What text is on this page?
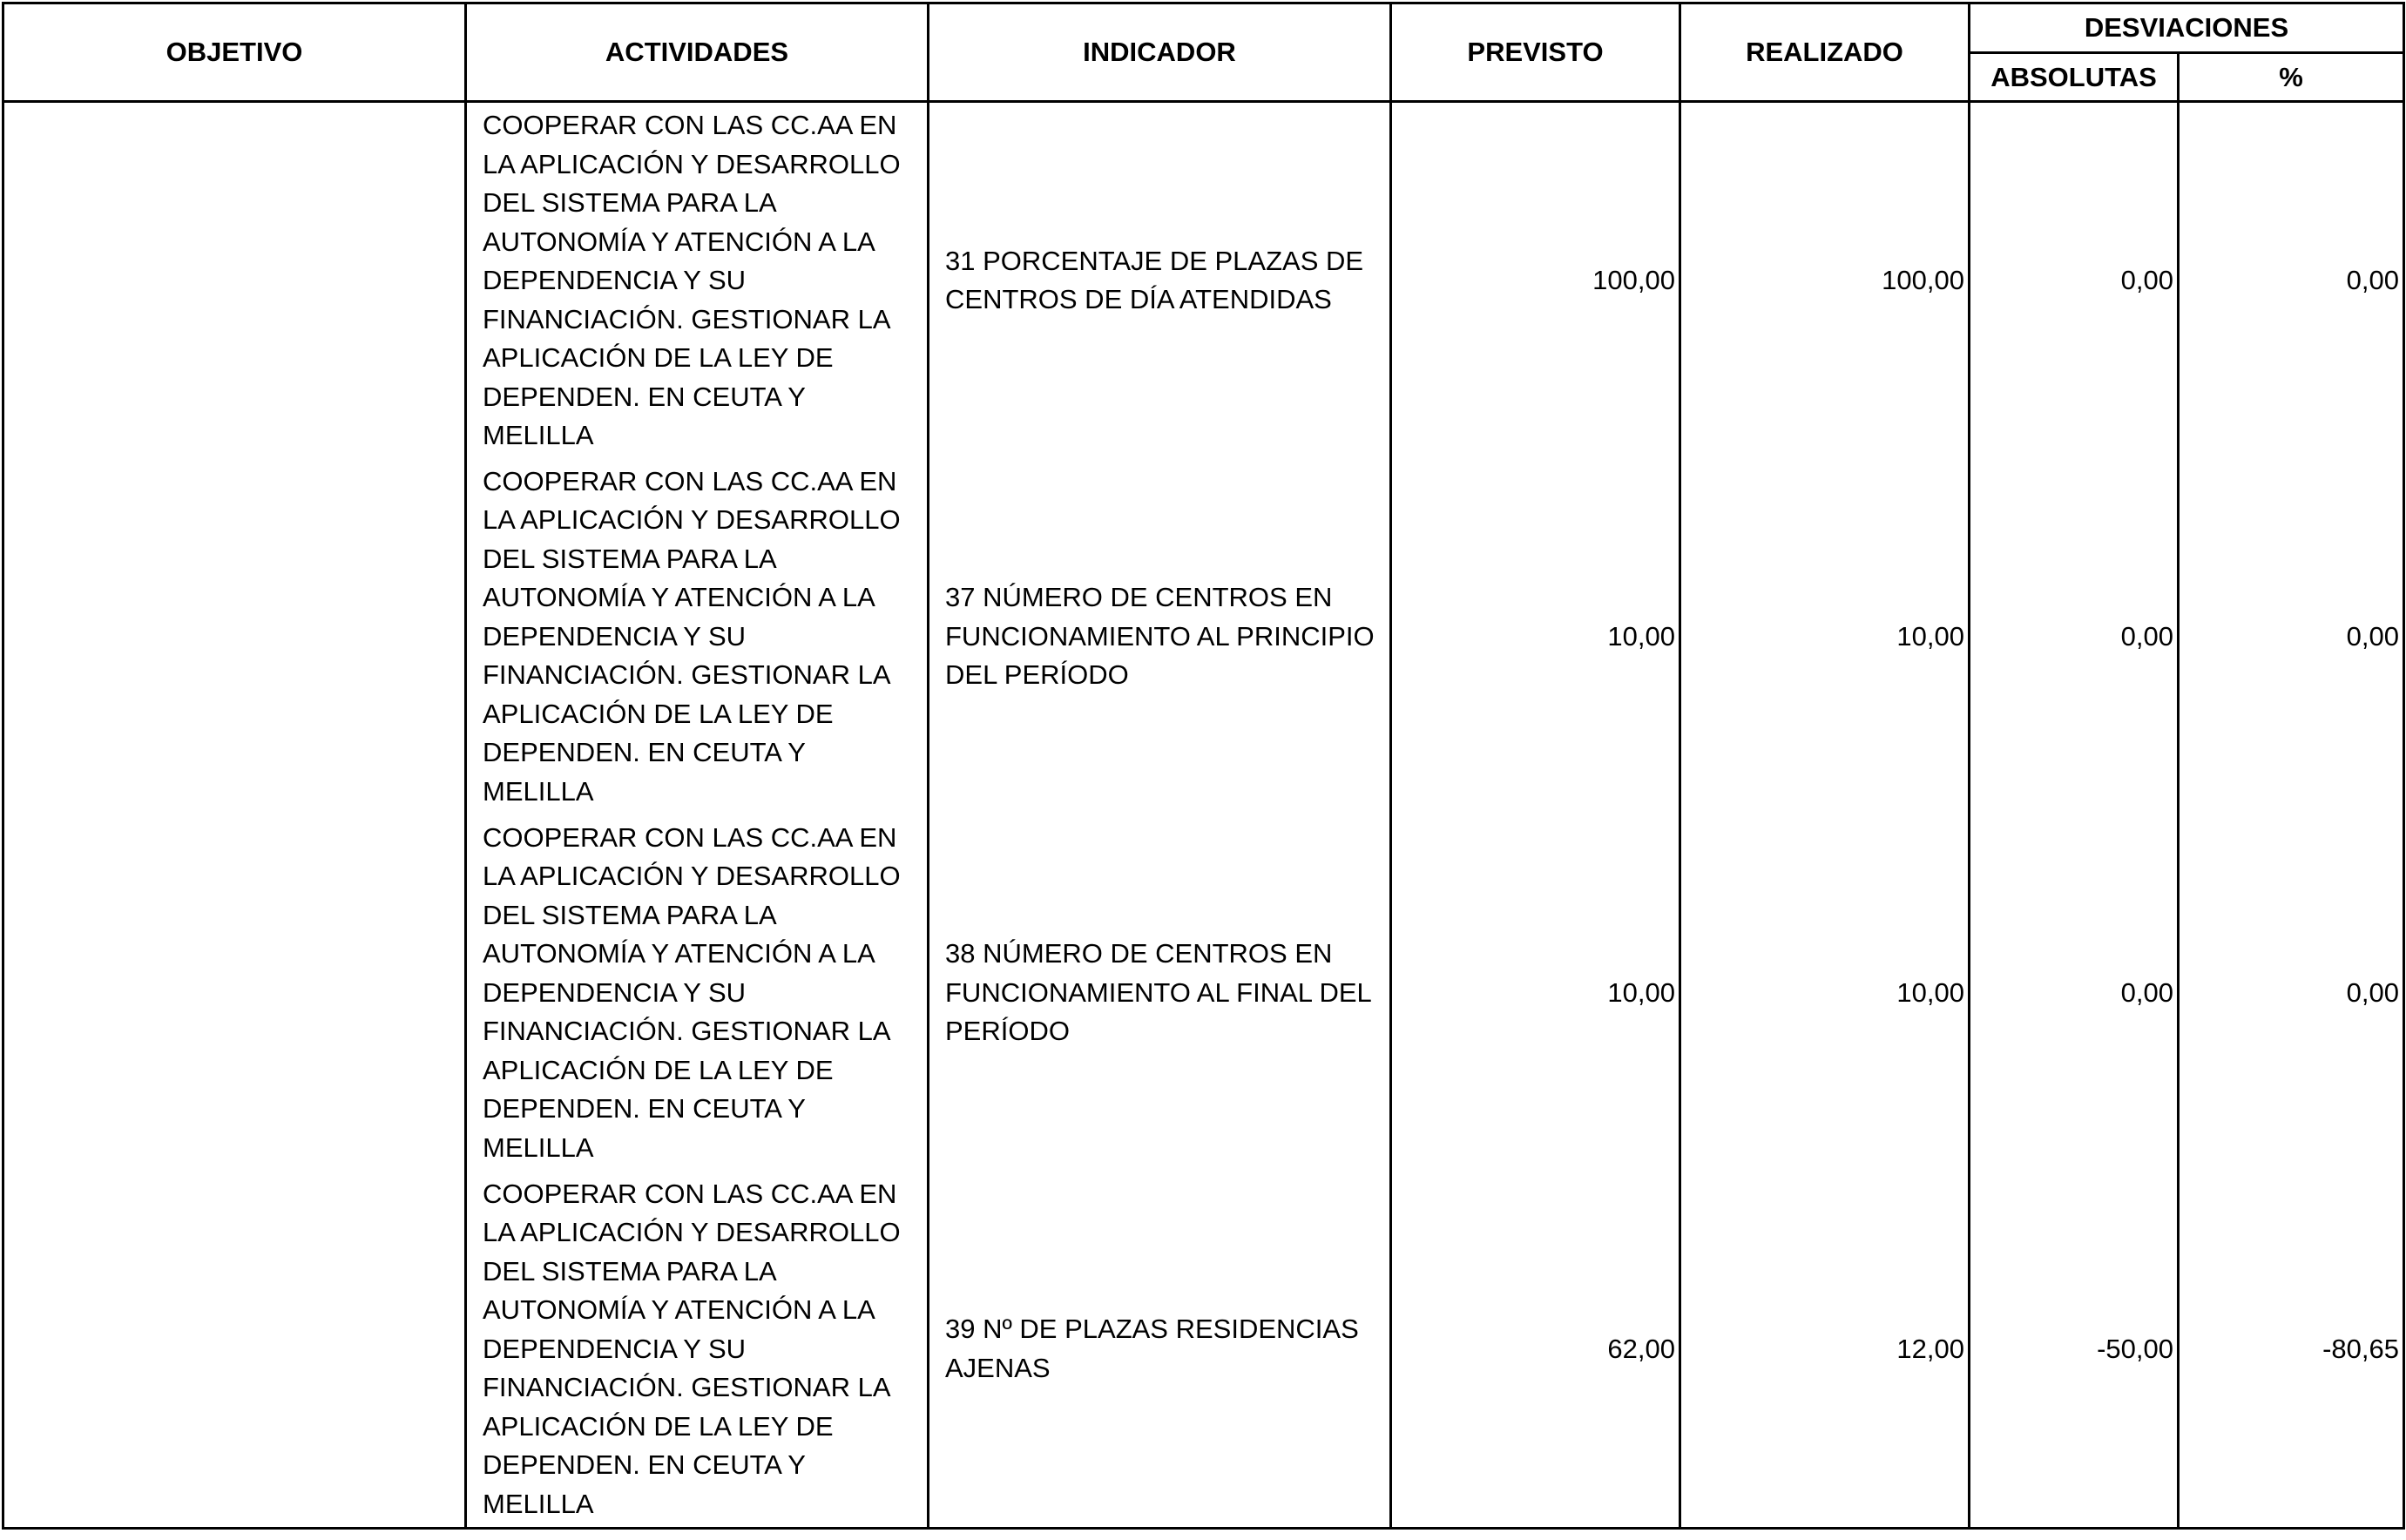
OBJETIVO	ACTIVIDADES	INDICADOR	PREVISTO	REALIZADO	DESVIACIONES	
					ABSOLUTAS	%
	COOPERAR CON LAS CC.AA EN LA APLICACIÓN Y DESARROLLO DEL SISTEMA PARA LA AUTONOMÍA Y ATENCIÓN A LA DEPENDENCIA Y SU FINANCIACIÓN. GESTIONAR LA APLICACIÓN DE LA LEY DE DEPENDEN. EN CEUTA Y MELILLA	31 PORCENTAJE DE PLAZAS DE CENTROS DE DÍA ATENDIDAS	100,00	100,00	0,00	0,00
	COOPERAR CON LAS CC.AA EN LA APLICACIÓN Y DESARROLLO DEL SISTEMA PARA LA AUTONOMÍA Y ATENCIÓN A LA DEPENDENCIA Y SU FINANCIACIÓN. GESTIONAR LA APLICACIÓN DE LA LEY DE DEPENDEN. EN CEUTA Y MELILLA	37 NÚMERO DE CENTROS EN FUNCIONAMIENTO AL PRINCIPIO DEL PERÍODO	10,00	10,00	0,00	0,00
	COOPERAR CON LAS CC.AA EN LA APLICACIÓN Y DESARROLLO DEL SISTEMA PARA LA AUTONOMÍA Y ATENCIÓN A LA DEPENDENCIA Y SU FINANCIACIÓN. GESTIONAR LA APLICACIÓN DE LA LEY DE DEPENDEN. EN CEUTA Y MELILLA	38 NÚMERO DE CENTROS EN FUNCIONAMIENTO AL FINAL DEL PERÍODO	10,00	10,00	0,00	0,00
	COOPERAR CON LAS CC.AA EN LA APLICACIÓN Y DESARROLLO DEL SISTEMA PARA LA AUTONOMÍA Y ATENCIÓN A LA DEPENDENCIA Y SU FINANCIACIÓN. GESTIONAR LA APLICACIÓN DE LA LEY DE DEPENDEN. EN CEUTA Y MELILLA	39 Nº DE PLAZAS RESIDENCIAS AJENAS	62,00	12,00	-50,00	-80,65
